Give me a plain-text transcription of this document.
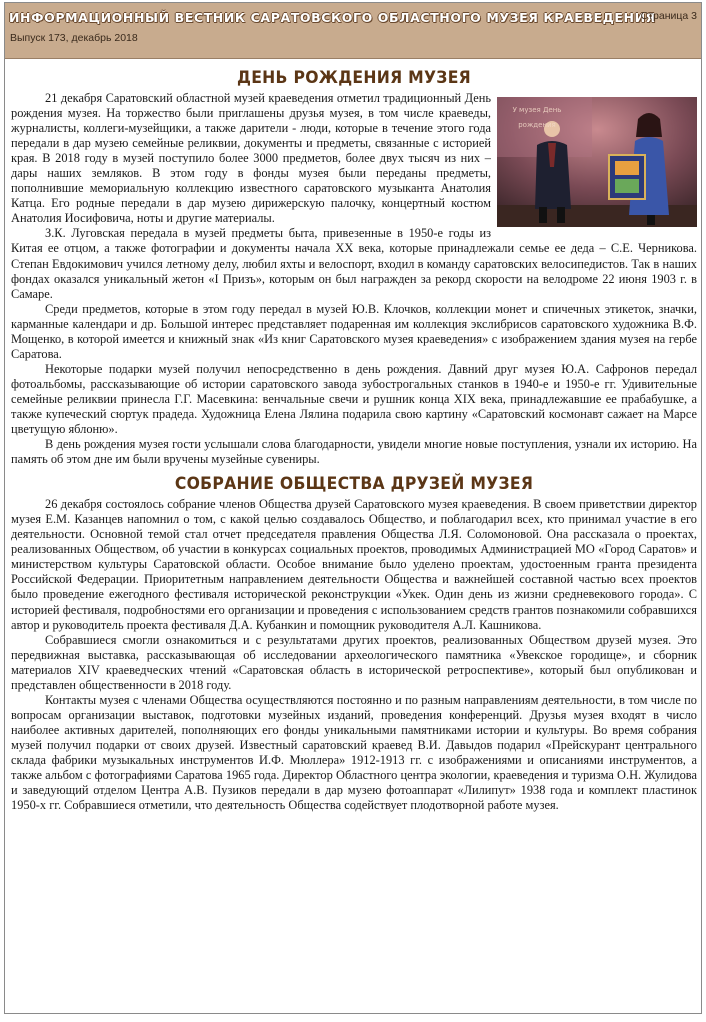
ИНФОРМАЦИОННЫЙ ВЕСТНИК САРАТОВСКОГО ОБЛАСТНОГО МУЗЕЯ КРАЕВЕДЕНИЯ
Выпуск 173, декабрь 2018
Страница 3
ДЕНЬ РОЖДЕНИЯ МУЗЕЯ
У музея День рождения

21 декабря Саратовский областной музей краеведения отметил традиционный День рождения музея. На торжество были приглашены друзья музея, в том числе краеведы, журналисты, коллеги-музейщики, а также дарители - люди, которые в течение этого года передали в дар музею семейные реликвии, документы и предметы, связанные с историей края. В 2018 году в музей поступило более 3000 предметов, более двух тысяч из них – дары наших земляков. В этом году в фонды музея были переданы предметы, пополнившие мемориальную коллекцию известного саратовского музыканта Анатолия Катца. Его родные передали в дар музею дирижерскую палочку, концертный костюм Анатолия Иосифовича, ноты и другие материалы.

З.К. Луговская передала в музей предметы быта, привезенные в 1950-е годы из Китая ее отцом, а также фотографии и документы начала ХХ века, которые принадлежали семье ее деда – С.Е. Черникова. Степан Евдокимович учился летному делу, любил яхты и велоспорт, входил в команду саратовских велосипедистов. Так в наших фондах оказался уникальный жетон «I Призъ», которым он был награжден за рекорд скорости на велодроме 22 июня 1903 г. в Самаре.

Среди предметов, которые в этом году передал в музей Ю.В. Клочков, коллекции монет и спичечных этикеток, значки, карманные календари и др. Большой интерес представляет подаренная им коллекция экслибрисов саратовского художника В.Ф. Мощенко, в которой имеется и книжный знак «Из книг Саратовского музея краеведения» с изображением здания музея на гербе Саратова.

Некоторые подарки музей получил непосредственно в день рождения. Давний друг музея Ю.А. Сафронов передал фотоальбомы, рассказывающие об истории саратовского завода зубострогальных станков в 1940-е и 1950-е гг. Удивительные семейные реликвии принесла Г.Г. Масевкина: венчальные свечи и рушник конца XIX века, принадлежавшие ее прабабушке, а также купеческий сюртук прадеда. Художница Елена Лялина подарила свою картину «Саратовский космонавт сажает на Марсе цветущую яблоню».

В день рождения музея гости услышали слова благодарности, увидели многие новые поступления, узнали их историю. На память об этом дне им были вручены музейные сувениры.

СОБРАНИЕ ОБЩЕСТВА ДРУЗЕЙ МУЗЕЯ

26 декабря состоялось собрание членов Общества друзей Саратовского музея краеведения. В своем приветствии директор музея Е.М. Казанцев напомнил о том, с какой целью создавалось Общество, и поблагодарил всех, кто принимал участие в его деятельности. Основной темой стал отчет председателя правления Общества Л.Я. Соломоновой. Она рассказала о проектах, реализованных Обществом, об участии в конкурсах социальных проектов, проводимых Администрацией МО «Город Саратов» и министерством культуры Саратовской области. Особое внимание было уделено проектам, удостоенным гранта президента Российской Федерации. Приоритетным направлением деятельности Общества и важнейшей составной частью всех проектов было проведение ежегодного фестиваля исторической реконструкции «Укек. Один день из жизни средневекового города». С историей фестиваля, подробностями его организации и проведения с использованием средств грантов познакомили собравшихся автор и руководитель проекта фестиваля Д.А. Кубанкин и помощник руководителя А.Л. Кашникова.

Собравшиеся смогли ознакомиться и с результатами других проектов, реализованных Обществом друзей музея. Это передвижная выставка, рассказывающая об исследовании археологического памятника «Увекское городище», и сборник материалов XIV краеведческих чтений «Саратовская область в исторической ретроспективе», который был опубликован и представлен общественности в 2018 году.

Контакты музея с членами Общества осуществляются постоянно и по разным направлениям деятельности, в том числе по вопросам организации выставок, подготовки музейных изданий, проведения конференций. Друзья музея входят в число наиболее активных дарителей, пополняющих его фонды уникальными памятниками истории и культуры. Во время собрания музей получил подарки от своих друзей. Известный саратовский краевед В.И. Давыдов подарил «Прейскурант центрального склада фабрики музыкальных инструментов И.Ф. Мюллера» 1912-1913 гг. с изображениями и описаниями инструментов, а также альбом с фотографиями Саратова 1965 года. Директор Областного центра экологии, краеведения и туризма О.Н. Жулидова и заведующий отделом Центра А.В. Пузиков передали в дар музею фотоаппарат «Лилипут» 1938 года и комплект пластинок 1950-х гг. Собравшиеся отметили, что деятельность Общества содействует плодотворной работе музея.
